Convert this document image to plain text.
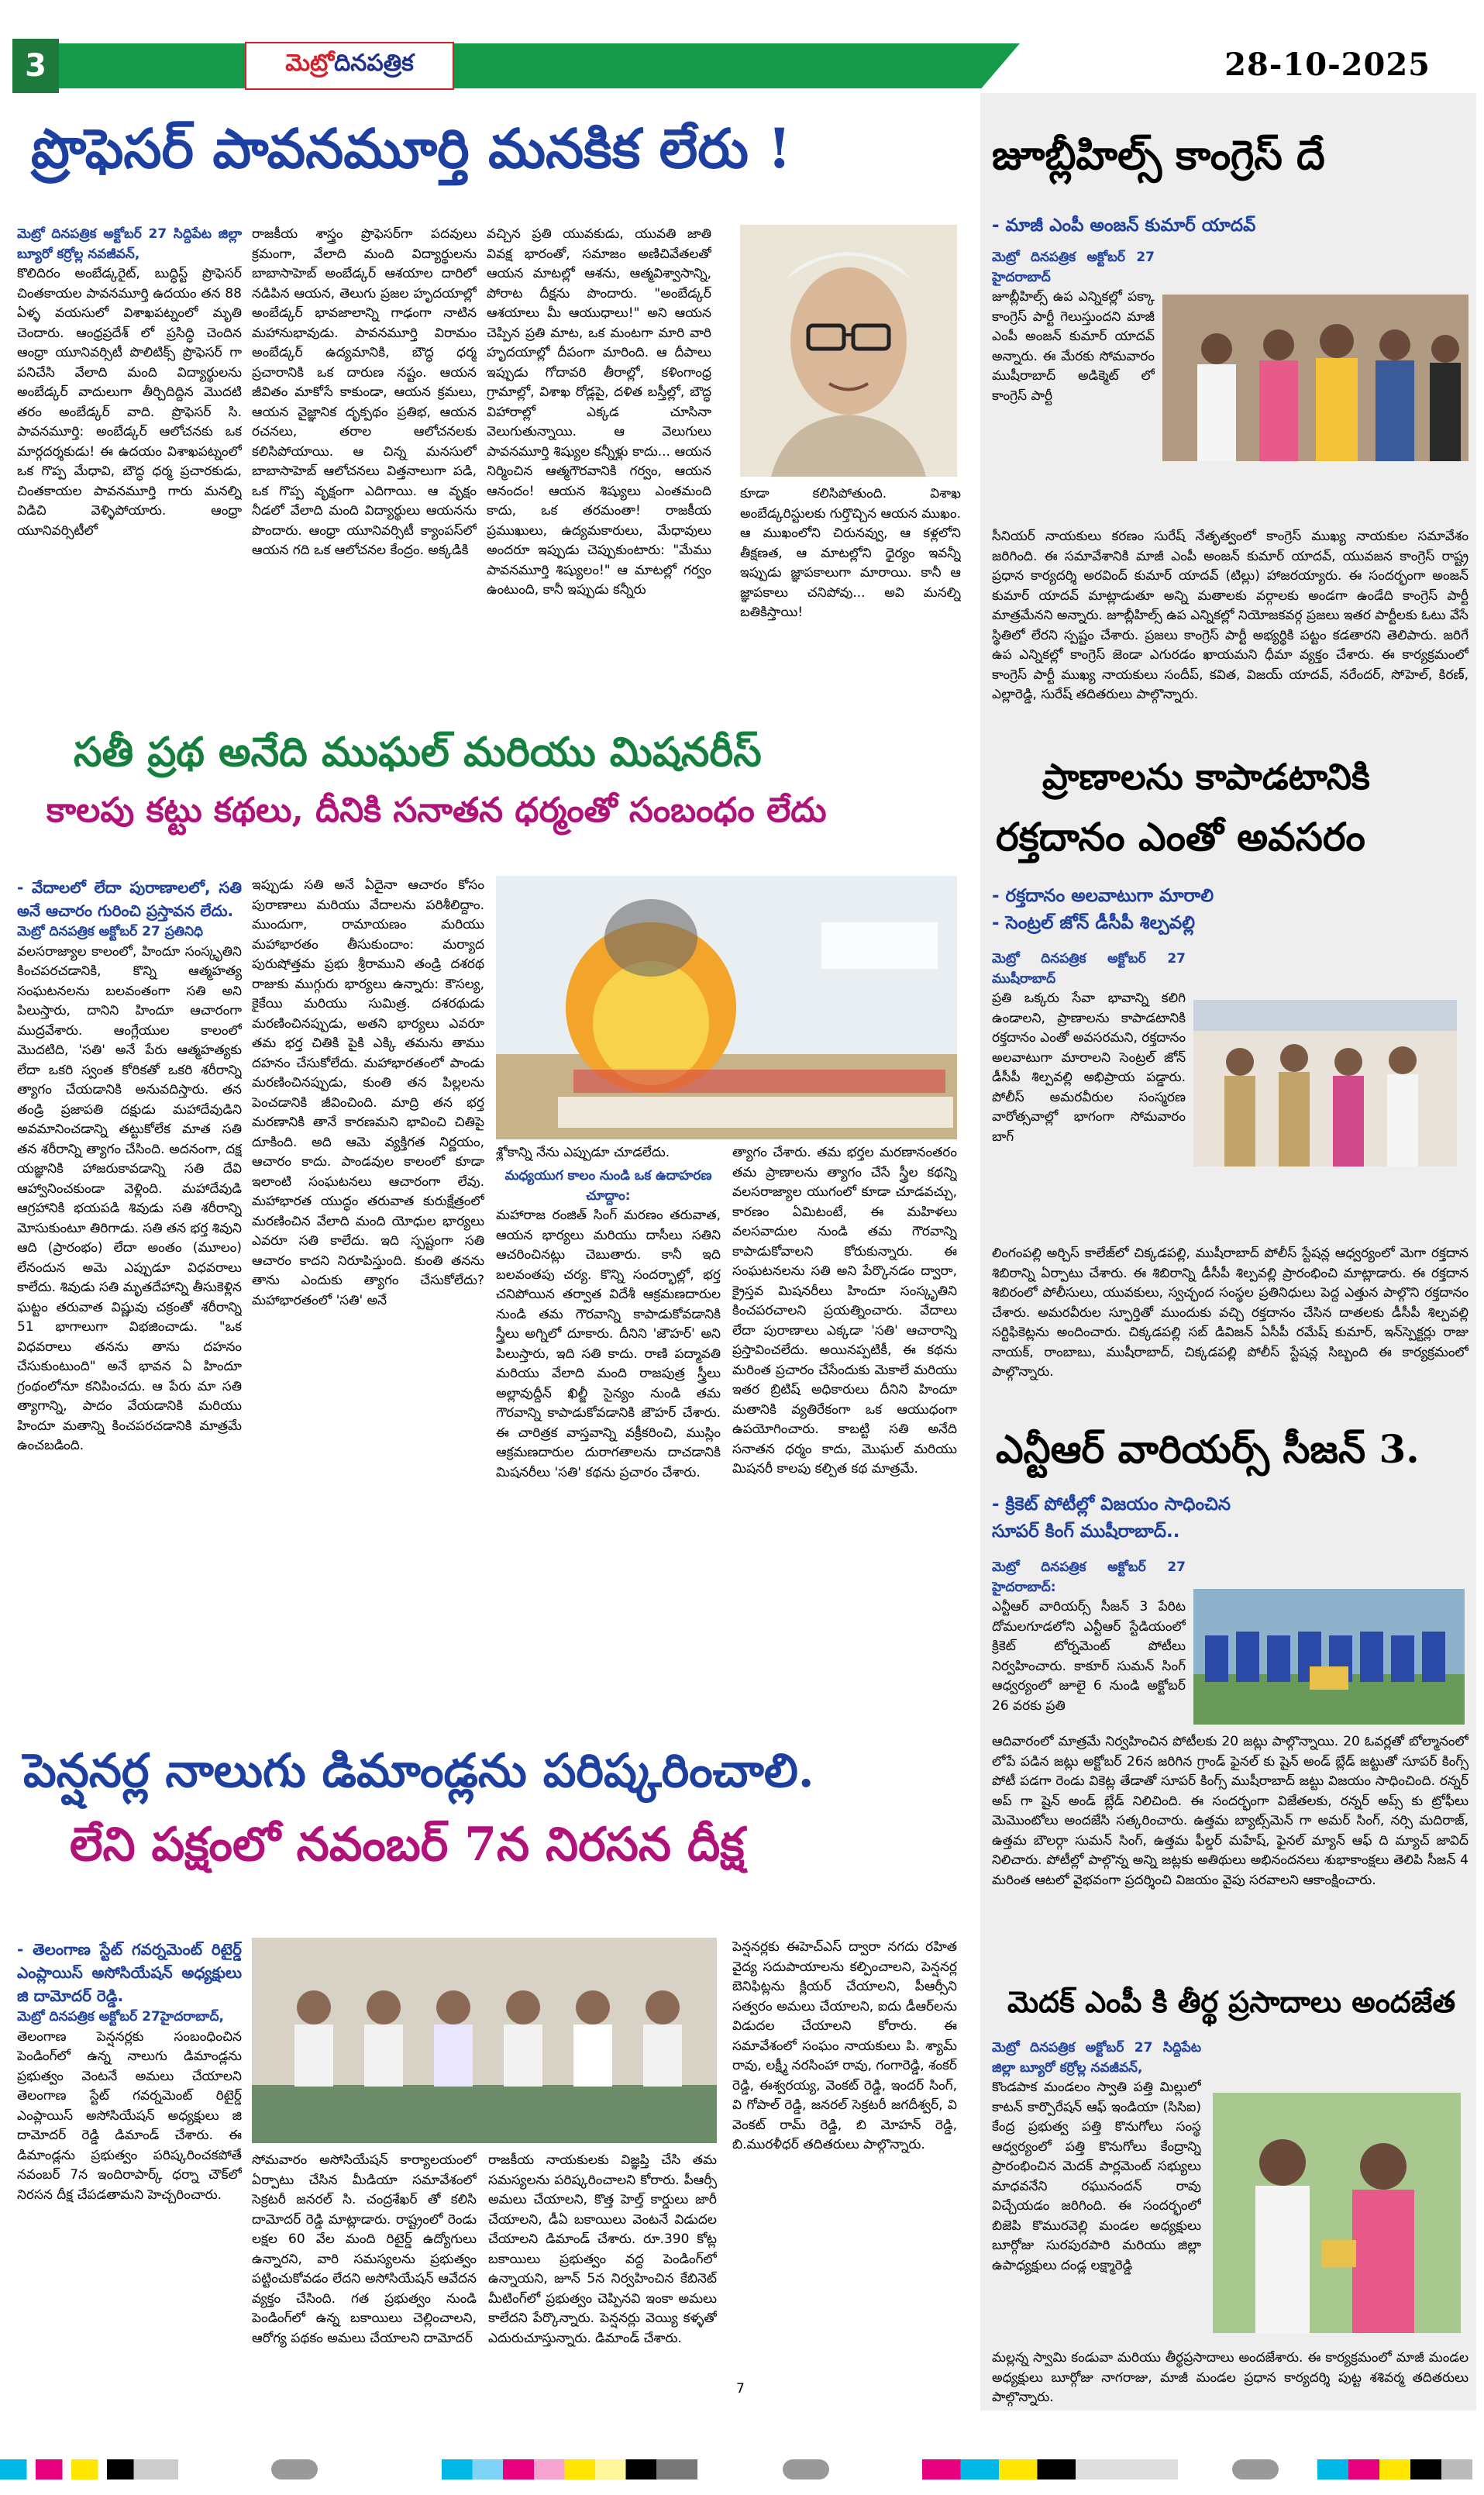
3	మెట్రో దినపత్రిక	28-10-2025
ప్రొఫెసర్ పావనమూర్తి మనకిక లేరు !

మెట్రో దినపత్రిక అక్టోబర్ 27 సిద్దిపేట జిల్లా బ్యూరో కర్రోల్ల నవజీవన్,

కొలిదిరం అంబేడ్కరైట్, బుద్ధిస్ట్ ప్రొఫెసర్ చింతకాయల పావనమూర్తి ఉదయం తన 88 ఏళ్ళ వయసులో విశాఖపట్నంలో మృతి చెందారు. ఆంధ్రప్రదేశ్ లో ప్రసిద్ధి చెందిన ఆంధ్రా యూనివర్సిటీ పొలిటిక్స్ ప్రొఫెసర్ గా పనిచేసి వేలాది మంది విద్యార్థులను అంబేడ్కర్ వాదులుగా తీర్చిదిద్దిన మొదటి తరం అంబేడ్కర్ వాది. ప్రొఫెసర్ సి. పావనమూర్తి: అంబేడ్కర్ ఆలోచనకు ఒక మార్గదర్శకుడు! ఈ ఉదయం విశాఖపట్నంలో ఒక గొప్ప మేధావి, బౌద్ధ ధర్మ ప్రచారకుడు, చింతకాయల పావనమూర్తి గారు మనల్ని విడిచి వెళ్ళిపోయారు. ఆంధ్రా యూనివర్సిటీలో

రాజకీయ శాస్త్రం ప్రొఫెసర్‌గా పదవులు క్రమంగా, వేలాది మంది విద్యార్థులను బాబాసాహెబ్ అంబేడ్కర్ ఆశయాల దారిలో నడిపిన ఆయన, తెలుగు ప్రజల హృదయాల్లో అంబేడ్కర్ భావజాలాన్ని గాఢంగా నాటిన మహానుభావుడు. పావనమూర్తి విరామం అంబేడ్కర్ ఉద్యమానికి, బౌద్ధ ధర్మ ప్రచారానికి ఒక దారుణ నష్టం. ఆయన జీవితం మాకోసే కాకుండా, ఆయన క్రమలు, ఆయన వైజ్ఞానిక దృక్పథం ప్రతిభ, ఆయన రచనలు, తరాల ఆలోచనలకు కలిసిపోయాయి. ఆ చిన్న మనసులో బాబాసాహెబ్ ఆలోచనలు విత్తనాలుగా పడి, ఒక గొప్ప వృక్షంగా ఎదిగాయి. ఆ వృక్షం నీడలో వేలాది మంది విద్యార్థులు ఆయనను పొందారు. ఆంధ్రా యూనివర్సిటీ క్యాంపస్‌లో ఆయన గది ఒక ఆలోచనల కేంద్రం. అక్కడికి

వచ్చిన ప్రతి యువకుడు, యువతి జాతి వివక్ష భారంతో, సమాజం అణిచివేతలతో ఆయన మాటల్లో ఆశను, ఆత్మవిశ్వాసాన్ని, పోరాట దీక్షను పొందారు. "అంబేడ్కర్ ఆశయాలు మీ ఆయుధాలు!" అని ఆయన చెప్పిన ప్రతి మాట, ఒక మంటగా మారి వారి హృదయాల్లో దీపంగా మారింది. ఆ దీపాలు ఇప్పుడు గోదావరి తీరాల్లో, కళింగాంధ్ర గ్రామాల్లో, విశాఖ రోడ్లపై, దళిత బస్తీల్లో, బౌద్ధ విహారాల్లో ఎక్కడ చూసినా వెలుగుతున్నాయి. ఆ వెలుగులు పావనమూర్తి శిష్యుల కన్నీళ్లు కాదు... ఆయన నిర్మించిన ఆత్మగౌరవానికి గర్వం, ఆయన ఆనందం! ఆయన శిష్యులు ఎంతమంది కాదు, ఒక తరమంతా! రాజకీయ ప్రముఖులు, ఉద్యమకారులు, మేధావులు అందరూ ఇప్పుడు చెప్పుకుంటారు: "మేము పావనమూర్తి శిష్యులం!" ఆ మాటల్లో గర్వం ఉంటుంది, కానీ ఇప్పుడు కన్నీరు

కూడా కలిసిపోతుంది. విశాఖ అంబేడ్కరిస్టులకు గుర్తొచ్చిన ఆయన ముఖం. ఆ ముఖంలోని చిరునవ్వు, ఆ కళ్లలోని తీక్షణత, ఆ మాటల్లోని ధైర్యం ఇవన్నీ ఇప్పుడు జ్ఞాపకాలుగా మారాయి. కానీ ఆ జ్ఞాపకాలు చనిపోవు... అవి మనల్ని బతికిస్తాయి!

సతీ ప్రథ అనేది ముఘల్ మరియు మిషనరీస్
కాలపు కట్టు కథలు, దీనికి సనాతన ధర్మంతో సంబంధం లేదు

- వేదాలలో లేదా పురాణాలలో, సతి అనే ఆచారం గురించి ప్రస్తావన లేదు.

మెట్రో దినపత్రిక అక్టోబర్ 27 ప్రతినిధి

వలసరాజ్యాల కాలంలో, హిందూ సంస్కృతిని కించపరచడానికి, కొన్ని ఆత్మహత్య సంఘటనలను బలవంతంగా సతి అని పిలుస్తారు, దానిని హిందూ ఆచారంగా ముద్రవేశారు. ఆంగ్లేయుల కాలంలో మొదటిది, 'సతి' అనే పేరు ఆత్మహత్యకు లేదా ఒకరి స్వంత కోరికతో ఒకరి శరీరాన్ని త్యాగం చేయడానికి అనువదిస్తారు. తన తండ్రి ప్రజాపతి దక్షుడు మహాదేవుడిని అవమానించడాన్ని తట్టుకోలేక మాత సతి తన శరీరాన్ని త్యాగం చేసింది. అదనంగా, దక్ష యజ్ఞానికి హాజరుకావడాన్ని సతి దేవి ఆహ్వానించకుండా వెళ్లింది. మహాదేవుడి ఆగ్రహానికి భయపడి శివుడు సతి శరీరాన్ని మోసుకుంటూ తిరిగాడు. సతి తన భర్త శివుని ఆది (ప్రారంభం) లేదా అంతం (మూలం) లేనందున అమె ఎప్పుడూ విధవరాలు కాలేదు. శివుడు సతి మృతదేహాన్ని తీసుకెళ్లిన ఘట్టం తరువాత విష్ణువు చక్రంతో శరీరాన్ని 51 భాగాలుగా విభజించాడు. "ఒక విధవరాలు తనను తాను దహనం చేసుకుంటుంది" అనే భావన ఏ హిందూ గ్రంథంలోనూ కనిపించదు. ఆ పేరు మా సతి త్యాగాన్ని, పాదం వేయడానికి మరియు హిందూ మతాన్ని కించపరచడానికి మాత్రమే ఉంచబడింది.

ఇప్పుడు సతి అనే ఏదైనా ఆచారం కోసం పురాణాలు మరియు వేదాలను పరిశీలిద్దాం. ముందుగా, రామాయణం మరియు మహాభారతం తీసుకుందాం: మర్యాద పురుషోత్తమ ప్రభు శ్రీరాముని తండ్రి దశరథ రాజుకు ముగ్గురు భార్యలు ఉన్నారు: కౌసల్య, కైకేయి మరియు సుమిత్ర. దశరథుడు మరణించినప్పుడు, అతని భార్యలు ఎవరూ తమ భర్త చితికి పైకి ఎక్కి తమను తాము దహనం చేసుకోలేదు. మహాభారతంలో పాండు మరణించినప్పుడు, కుంతి తన పిల్లలను పెంచడానికి జీవించింది. మాద్రి తన భర్త మరణానికి తానే కారణమని భావించి చితిపై దూకింది. అది ఆమె వ్యక్తిగత నిర్ణయం, ఆచారం కాదు. పాండవుల కాలంలో కూడా ఇలాంటి సంఘటనలు ఆచారంగా లేవు. మహాభారత యుద్ధం తరువాత కురుక్షేత్రంలో మరణించిన వేలాది మంది యోధుల భార్యలు ఎవరూ సతి కాలేదు. ఇది స్పష్టంగా సతి ఆచారం కాదని నిరూపిస్తుంది. కుంతి తనను తాను ఎందుకు త్యాగం చేసుకోలేదు? మహాభారతంలో 'సతి' అనే

శ్లోకాన్ని నేను ఎప్పుడూ చూడలేదు.

మధ్యయుగ కాలం నుండి ఒక ఉదాహరణ చూద్దాం:

మహారాజ రంజిత్ సింగ్ మరణం తరువాత, ఆయన భార్యలు మరియు దాసీలు సతిని ఆచరించినట్లు చెబుతారు. కానీ ఇది బలవంతపు చర్య. కొన్ని సందర్భాల్లో, భర్త చనిపోయిన తర్వాత విదేశీ ఆక్రమణదారుల నుండి తమ గౌరవాన్ని కాపాడుకోవడానికి స్త్రీలు అగ్నిలో దూకారు. దీనిని 'జౌహర్' అని పిలుస్తారు, ఇది సతి కాదు. రాణి పద్మావతి మరియు వేలాది మంది రాజపుత్ర స్త్రీలు అల్లావుద్దీన్ ఖిల్జీ సైన్యం నుండి తమ గౌరవాన్ని కాపాడుకోవడానికి జౌహర్ చేశారు. ఈ చారిత్రక వాస్తవాన్ని వక్రీకరించి, ముస్లిం ఆక్రమణదారుల దురాగతాలను దాచడానికి మిషనరీలు 'సతి' కథను ప్రచారం చేశారు.

త్యాగం చేశారు. తమ భర్తల మరణానంతరం తమ ప్రాణాలను త్యాగం చేసే స్త్రీల కథన్ని వలసరాజ్యాల యుగంలో కూడా చూడవచ్చు, కారణం ఏమిటంటే, ఈ మహిళలు వలసవాదుల నుండి తమ గౌరవాన్ని కాపాడుకోవాలని కోరుకున్నారు. ఈ సంఘటనలను సతి అని పేర్కొనడం ద్వారా, క్రైస్తవ మిషనరీలు హిందూ సంస్కృతిని కించపరచాలని ప్రయత్నించారు. వేదాలు లేదా పురాణాలు ఎక్కడా 'సతి' ఆచారాన్ని ప్రస్తావించలేదు. అయినప్పటికీ, ఈ కథను మరింత ప్రచారం చేసేందుకు మెకాలే మరియు ఇతర బ్రిటిష్ అధికారులు దీనిని హిందూ మతానికి వ్యతిరేకంగా ఒక ఆయుధంగా ఉపయోగించారు. కాబట్టి సతి అనేది సనాతన ధర్మం కాదు, మొఘల్ మరియు మిషనరీ కాలపు కల్పిత కథ మాత్రమే.

పెన్షనర్ల నాలుగు డిమాండ్లను పరిష్కరించాలి.
లేని పక్షంలో నవంబర్ 7న నిరసన దీక్ష

- తెలంగాణ స్టేట్ గవర్నమెంట్ రిటైర్డ్ ఎంప్లాయిస్ అసోసియేషన్ అధ్యక్షులు జి దామోదర్ రెడ్డి.

మెట్రో దినపత్రిక అక్టోబర్ 27హైదరాబాద్,

తెలంగాణ పెన్షనర్లకు సంబంధించిన పెండింగ్‌లో ఉన్న నాలుగు డిమాండ్లను ప్రభుత్వం వెంటనే అమలు చేయాలని తెలంగాణ స్టేట్ గవర్నమెంట్ రిటైర్డ్ ఎంప్లాయిస్ అసోసియేషన్ అధ్యక్షులు జి దామోదర్ రెడ్డి డిమాండ్ చేశారు. ఈ డిమాండ్లను ప్రభుత్వం పరిష్కరించకపోతే నవంబర్ 7న ఇందిరాపార్క్ ధర్నా చౌక్‌లో నిరసన దీక్ష చేపడతామని హెచ్చరించారు.

సోమవారం అసోసియేషన్ కార్యాలయంలో ఏర్పాటు చేసిన మీడియా సమావేశంలో సెక్రటరీ జనరల్ సి. చంద్రశేఖర్ తో కలిసి దామోదర్ రెడ్డి మాట్లాడారు. రాష్ట్రంలో రెండు లక్షల 60 వేల మంది రిటైర్డ్ ఉద్యోగులు ఉన్నారని, వారి సమస్యలను ప్రభుత్వం పట్టించుకోవడం లేదని అసోసియేషన్ ఆవేదన వ్యక్తం చేసింది. గత ప్రభుత్వం నుండి పెండింగ్‌లో ఉన్న బకాయిలు చెల్లించాలని, ఆరోగ్య పథకం అమలు చేయాలని దామోదర్

రాజకీయ నాయకులకు విజ్ఞప్తి చేసి తమ సమస్యలను పరిష్కరించాలని కోరారు. పీఆర్సీ అమలు చేయాలని, కొత్త హెల్త్ కార్డులు జారీ చేయాలని, డీఏ బకాయిలు వెంటనే విడుదల చేయాలని డిమాండ్ చేశారు. రూ.390 కోట్ల బకాయిలు ప్రభుత్వం వద్ద పెండింగ్‌లో ఉన్నాయని, జూన్ 5న నిర్వహించిన కేబినెట్ మీటింగ్‌లో ప్రభుత్వం చెప్పినవి ఇంకా అమలు కాలేదని పేర్కొన్నారు. పెన్షనర్లు వెయ్యి కళ్ళతో ఎదురుచూస్తున్నారు. డిమాండ్ చేశారు.

పెన్షనర్లకు ఈహెచ్ఎస్ ద్వారా నగదు రహిత వైద్య సదుపాయాలను కల్పించాలని, పెన్షనర్ల బెనిఫిట్లను క్లియర్ చేయాలని, పీఆర్సీని సత్వరం అమలు చేయాలని, ఐదు డీఆర్‌లను విడుదల చేయాలని కోరారు. ఈ సమావేశంలో సంఘం నాయకులు పి. శ్యామ్ రావు, లక్ష్మీ నరసింహా రావు, గంగారెడ్డి, శంకర్ రెడ్డి, ఈశ్వరయ్య, వెంకట్ రెడ్డి, ఇందర్ సింగ్, వి గోపాల్ రెడ్డి, జనరల్ సెక్రటరీ జగదీశ్వర్, వి వెంకట్ రామ్ రెడ్డి, బి మోహన్ రెడ్డి, బి.మురళీధర్ తదితరులు పాల్గొన్నారు.

7
జూబ్లీహిల్స్ కాంగ్రెస్ దే
- మాజీ ఎంపీ అంజన్ కుమార్ యాదవ్

మెట్రో దినపత్రిక అక్టోబర్ 27 హైదరాబాద్

జూబ్లీహిల్స్ ఉప ఎన్నికల్లో పక్కా కాంగ్రెస్ పార్టీ గెలుస్తుందని మాజీ ఎంపీ అంజన్ కుమార్ యాదవ్ అన్నారు. ఈ మేరకు సోమవారం ముషీరాబాద్ అడిక్మెట్ లో కాంగ్రెస్ పార్టీ

సీనియర్ నాయకులు కరణం సురేష్ నేతృత్వంలో కాంగ్రెస్ ముఖ్య నాయకుల సమావేశం జరిగింది. ఈ సమావేశానికి మాజీ ఎంపీ అంజన్ కుమార్ యాదవ్, యువజన కాంగ్రెస్ రాష్ట్ర ప్రధాన కార్యదర్శి అరవింద్ కుమార్ యాదవ్ (టిల్లు) హాజరయ్యారు. ఈ సందర్భంగా అంజన్ కుమార్ యాదవ్ మాట్లాడుతూ అన్ని మతాలకు వర్గాలకు అండగా ఉండేది కాంగ్రెస్ పార్టీ మాత్రమేనని అన్నారు. జూబ్లీహిల్స్ ఉప ఎన్నికల్లో నియోజకవర్గ ప్రజలు ఇతర పార్టీలకు ఓటు వేసే స్థితిలో లేరని స్పష్టం చేశారు. ప్రజలు కాంగ్రెస్ పార్టీ అభ్యర్థికి పట్టం కడతారని తెలిపారు. జరిగే ఉప ఎన్నికల్లో కాంగ్రెస్ జెండా ఎగురడం ఖాయమని ధీమా వ్యక్తం చేశారు. ఈ కార్యక్రమంలో కాంగ్రెస్ పార్టీ ముఖ్య నాయకులు సందీప్, కవిత, విజయ్ యాదవ్, నరేందర్, సోహెల్, కిరణ్, ఎల్లారెడ్డి, సురేష్ తదితరులు పాల్గొన్నారు.

ప్రాణాలను కాపాడటానికి
రక్తదానం ఎంతో అవసరం
- రక్తదానం అలవాటుగా మారాలి
- సెంట్రల్ జోన్ డీసీపీ శిల్పవల్లి

మెట్రో దినపత్రిక అక్టోబర్ 27 ముషీరాబాద్

ప్రతి ఒక్కరు సేవా భావాన్ని కలిగి ఉండాలని, ప్రాణాలను కాపాడటానికి రక్తదానం ఎంతో అవసరమని, రక్తదానం అలవాటుగా మారాలని సెంట్రల్ జోన్ డీసీపీ శిల్పవల్లి అభిప్రాయ పడ్డారు. పోలీస్ అమరవీరుల సంస్మరణ వారోత్సవాల్లో భాగంగా సోమవారం బాగ్

లింగంపల్లి అర్చిస్ కాలేజ్‌లో చిక్కడపల్లి, ముషీరాబాద్ పోలీస్ స్టేషన్ల ఆధ్వర్యంలో మెగా రక్తదాన శిబిరాన్ని ఏర్పాటు చేశారు. ఈ శిబిరాన్ని డీసీపీ శిల్పవల్లి ప్రారంభించి మాట్లాడారు. ఈ రక్తదాన శిబిరంలో పోలీసులు, యువకులు, స్వచ్ఛంద సంస్థల ప్రతినిధులు పెద్ద ఎత్తున పాల్గొని రక్తదానం చేశారు. అమరవీరుల స్ఫూర్తితో ముందుకు వచ్చి రక్తదానం చేసిన దాతలకు డీసీపీ శిల్పవల్లి సర్టిఫికెట్లను అందించారు. చిక్కడపల్లి సబ్ డివిజన్ ఏసీపీ రమేష్ కుమార్, ఇన్‌స్పెక్టర్లు రాజు నాయక్, రాంబాబు, ముషీరాబాద్, చిక్కడపల్లి పోలీస్ స్టేషన్ల సిబ్బంది ఈ కార్యక్రమంలో పాల్గొన్నారు.

ఎన్టీఆర్ వారియర్స్ సీజన్ 3.
- క్రికెట్ పోటీల్లో విజయం సాధించిన
సూపర్ కింగ్ ముషీరాబాద్..

మెట్రో దినపత్రిక అక్టోబర్ 27 హైదరాబాద్:

ఎన్టీఆర్ వారియర్స్ సీజన్ 3 పేరిట దోమలగూడలోని ఎన్టీఆర్ స్టేడియంలో క్రికెట్ టోర్నమెంట్ పోటీలు నిర్వహించారు. కాకూర్ సుమన్ సింగ్ ఆధ్వర్యంలో జూలై 6 నుండి అక్టోబర్ 26 వరకు ప్రతి

ఆదివారంలో మాత్రమే నిర్వహించిన పోటీలకు 20 జట్లు పాల్గొన్నాయి. 20 ఓవర్లతో బోల్మానంలో లోపే పడిన జట్లు అక్టోబర్ 26న జరిగిన గ్రాండ్ ఫైనల్ కు షైన్ అండ్ బ్లేడ్ జట్టుతో సూపర్ కింగ్స్ పోటీ పడగా రెండు వికెట్ల తేడాతో సూపర్ కింగ్స్ ముషీరాబాద్ జట్టు విజయం సాధించింది. రన్నర్ అప్ గా షైన్ అండ్ బ్లేడ్ నిలిచింది. ఈ సందర్భంగా విజేతలకు, రన్నర్ అప్స్ కు ట్రోఫీలు మెమొంటోలు అందజేసి సత్కరించారు. ఉత్తమ బ్యాట్స్‌మెన్ గా అమర్ సింగ్, నర్సి మదిరాజ్, ఉత్తమ బౌలర్గా సుమన్ సింగ్, ఉత్తమ ఫీల్డర్ మహేష్, ఫైనల్ మ్యాన్ ఆఫ్ ది మ్యాచ్ జావిద్ నిలిచారు. పోటీల్లో పాల్గొన్న అన్ని జట్లకు అతిథులు అభినందనలు శుభాకాంక్షలు తెలిపి సీజన్ 4 మరింత ఆటలో వైభవంగా ప్రదర్శించి విజయం వైపు సరవాలని ఆకాంక్షించారు.

మెదక్ ఎంపీ కి తీర్థ ప్రసాదాలు అందజేత

మెట్రో దినపత్రిక అక్టోబర్ 27 సిద్దిపేట జిల్లా బ్యూరో కర్రోల్ల నవజీవన్,

కొండపాక మండలం స్వాతి పత్తి మిల్లులో కాటన్ కార్పొరేషన్ ఆఫ్ ఇండియా (సిసిఐ) కేంద్ర ప్రభుత్వ పత్తి కొనుగోలు సంస్థ ఆధ్వర్యంలో పత్తి కొనుగోలు కేంద్రాన్ని ప్రారంభించిన మెదక్ పార్లమెంట్ సభ్యులు మాధవనేని రఘునందన్ రావు విచ్చేయడం జరిగింది. ఈ సందర్భంలో బిజెపి కొమురవెల్లి మండల అధ్యక్షులు బూర్గోజు సురపురపారి మరియు జిల్లా ఉపాధ్యక్షులు దండ్ల లక్ష్మారెడ్డి

మల్లన్న స్వామి కండువా మరియు తీర్థప్రసాదాలు అందజేశారు. ఈ కార్యక్రమంలో మాజీ మండల అధ్యక్షులు బూర్గోజు నాగరాజు, మాజీ మండల ప్రధాన కార్యదర్శి పుట్ట శశివర్మ తదితరులు పాల్గొన్నారు.
